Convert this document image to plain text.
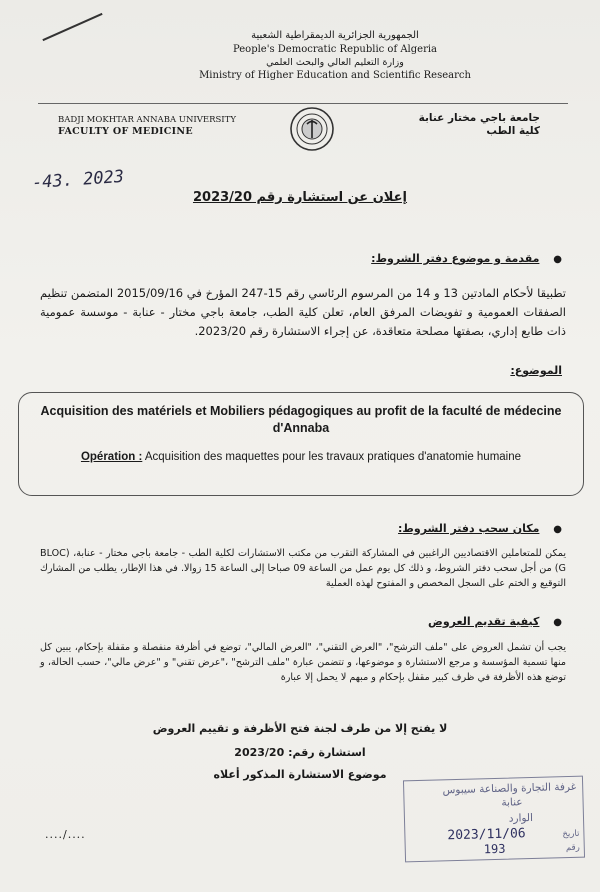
الجمهورية الجزائرية الديمقراطية الشعبية
People's Democratic Republic of Algeria
وزارة التعليم العالي والبحث العلمي
Ministry of Higher Education and Scientific Research
BADJI MOKHTAR ANNABA UNIVERSITY
FACULTY OF MEDICINE
جامعة باجي مختار عنابة
كلية الطب
-43. 2023
إعلان عن استشارة رقم 2023/20
● مقدمة و موضوع دفتر الشروط:
تطبيقا لأحكام المادتين 13 و 14 من المرسوم الرئاسي رقم 15-247 المؤرخ في 2015/09/16 المتضمن تنظيم الصفقات العمومية و تفويضات المرفق العام، تعلن كلية الطب، جامعة باجي مختار - عنابة - موسسة عمومية ذات طابع إداري، بصفتها مصلحة متعاقدة، عن إجراء الاستشارة رقم 2023/20.
الموضوع:
Acquisition des matériels et Mobiliers pédagogiques au profit de la faculté de médecine d'Annaba
Opération : Acquisition des maquettes pour les travaux pratiques d'anatomie humaine
● مكان سحب دفتر الشروط:
يمكن للمتعاملين الاقتصاديين الراغبين في المشاركة التقرب من مكتب الاستشارات لكلية الطب - جامعة باجي مختار - عنابة، (BLOC G) من أجل سحب دفتر الشروط، و ذلك كل يوم عمل من الساعة 09 صباحا إلى الساعة 15 زوالا. في هذا الإطار، يطلب من المشارك التوقيع و الختم على السجل المخصص و المفتوح لهذه العملية
● كيفية تقديم العروض
يجب أن تشمل العروض على "ملف الترشح"، "العرض التقني"، "العرض المالي"، توضع في أظرفة منفصلة و مقفلة بإحكام، يبين كل منها تسمية المؤسسة و مرجع الاستشارة و موضوعها، و تتضمن عبارة "ملف الترشح" ،"عرض تقني" و "عرض مالي"، حسب الحالة، و توضع هذه الأظرفة في ظرف كبير مقفل بإحكام و مبهم لا يحمل إلا عبارة
لا يفتح إلا من طرف لجنة فتح الأظرفة و تقييم العروض
استشارة رقم: 2023/20
موضوع الاستشارة المذكور أعلاه
غرفة التجارة والصناعة سيبوس
عنابة
الوارد
تاريخ
2023/11/06
رقم
193
..../....
